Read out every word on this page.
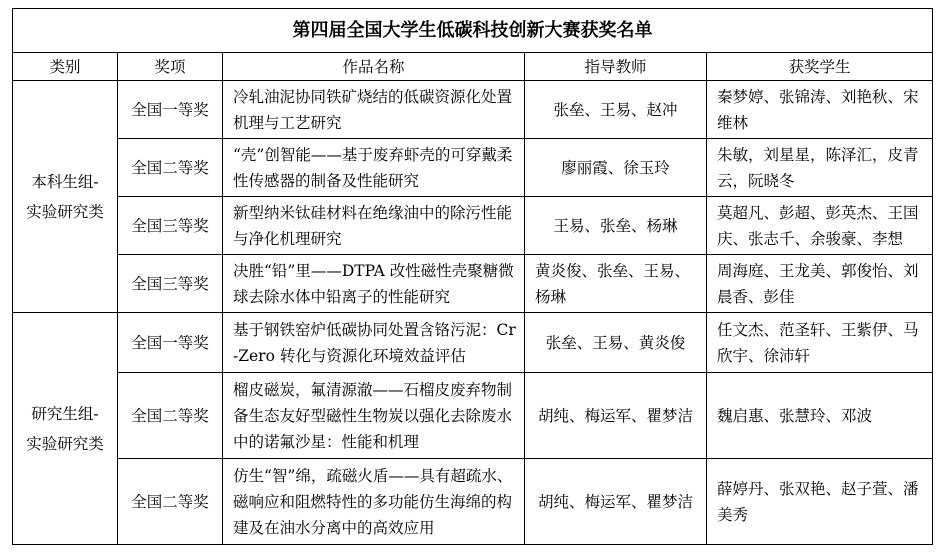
第四届全国大学生低碳科技创新大赛获奖名单				
类别	奖项	作品名称	指导教师	获奖学生

本科生组-
实验研究类	全国一等奖	冷轧油泥协同铁矿烧结的低碳资源化处置机理与工艺研究	张垒、王易、赵冲	秦梦婷、张锦涛、刘艳秋、宋维林
	全国二等奖	“壳”创智能——基于废弃虾壳的可穿戴柔性传感器的制备及性能研究	廖丽霞、徐玉玲	朱敏，刘星星，陈泽汇，皮青云，阮晓冬
	全国三等奖	新型纳米钛硅材料在绝缘油中的除污性能与净化机理研究	王易、张垒、杨琳	莫超凡、彭超、彭英杰、王国庆、张志千、余骏豪、李想
	全国三等奖	决胜“铅”里——DTPA 改性磁性壳聚糖微球去除水体中铅离子的性能研究	黄炎俊、张垒、王易、杨琳	周海庭、王龙美、郭俊怡、刘晨香、彭佳

研究生组-
实验研究类	全国一等奖	基于钢铁窑炉低碳协同处置含铬污泥：Cr -Zero 转化与资源化环境效益评估	张垒、王易、黄炎俊	任文杰、范圣轩、王紫伊、马欣宇、徐沛轩
	全国二等奖	榴皮磁炭，氟清源澈——石榴皮废弃物制备生态友好型磁性生物炭以强化去除废水中的诺氟沙星：性能和机理	胡纯、梅运军、瞿梦洁	魏启惠、张慧玲、邓波
	全国二等奖	仿生“智”绵，疏磁火盾——具有超疏水、磁响应和阻燃特性的多功能仿生海绵的构建及在油水分离中的高效应用	胡纯、梅运军、瞿梦洁	薛婷丹、张双艳、赵子萱、潘美秀
